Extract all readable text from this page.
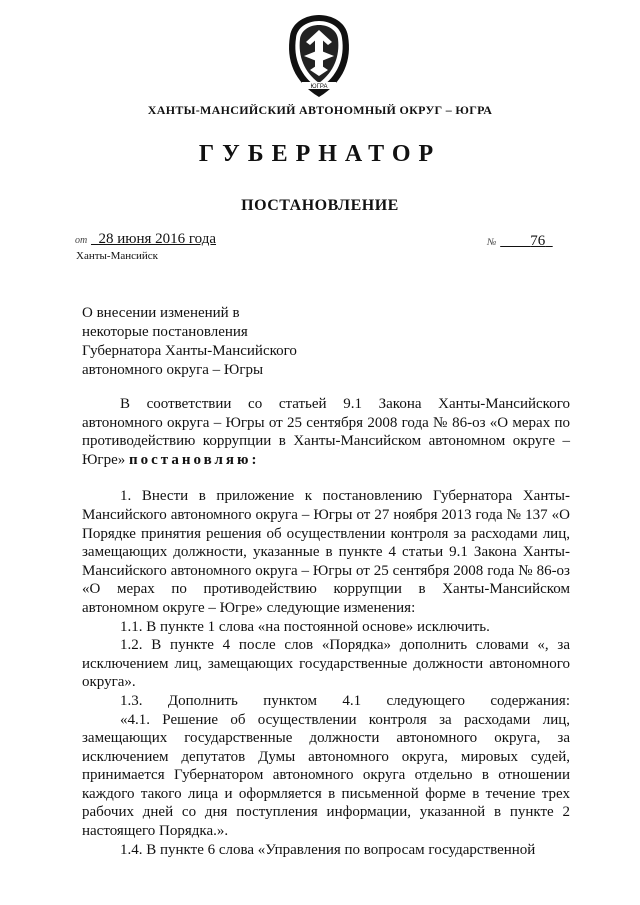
ЮГРА
ХАНТЫ-МАНСИЙСКИЙ АВТОНОМНЫЙ ОКРУГ – ЮГРА
ГУБЕРНАТОР
ПОСТАНОВЛЕНИЕ
от 28 июня 2016 года
Ханты-Мансийск
№ 76
О внесении изменений в
некоторые постановления
Губернатора Ханты-Мансийского
автономного округа – Югры

В соответствии со статьей 9.1 Закона Ханты-Мансийского автономного округа – Югры от 25 сентября 2008 года № 86-оз «О мерах по противодействию коррупции в Ханты-Мансийском автономном округе – Югре» постановляю:

1. Внести в приложение к постановлению Губернатора Ханты-Мансийского автономного округа – Югры от 27 ноября 2013 года № 137 «О Порядке принятия решения об осуществлении контроля за расходами лиц, замещающих должности, указанные в пункте 4 статьи 9.1 Закона Ханты-Мансийского автономного округа – Югры от 25 сентября 2008 года № 86-оз «О мерах по противодействию коррупции в Ханты-Мансийском автономном округе – Югре» следующие изменения:

1.1. В пункте 1 слова «на постоянной основе» исключить.

1.2. В пункте 4 после слов «Порядка» дополнить словами «, за исключением лиц, замещающих государственные должности автономного округа».

1.3. Дополнить пунктом 4.1 следующего содержания:

«4.1. Решение об осуществлении контроля за расходами лиц, замещающих государственные должности автономного округа, за исключением депутатов Думы автономного округа, мировых судей, принимается Губернатором автономного округа отдельно в отношении каждого такого лица и оформляется в письменной форме в течение трех рабочих дней со дня поступления информации, указанной в пункте 2 настоящего Порядка.».

1.4. В пункте 6 слова «Управления по вопросам государственной
